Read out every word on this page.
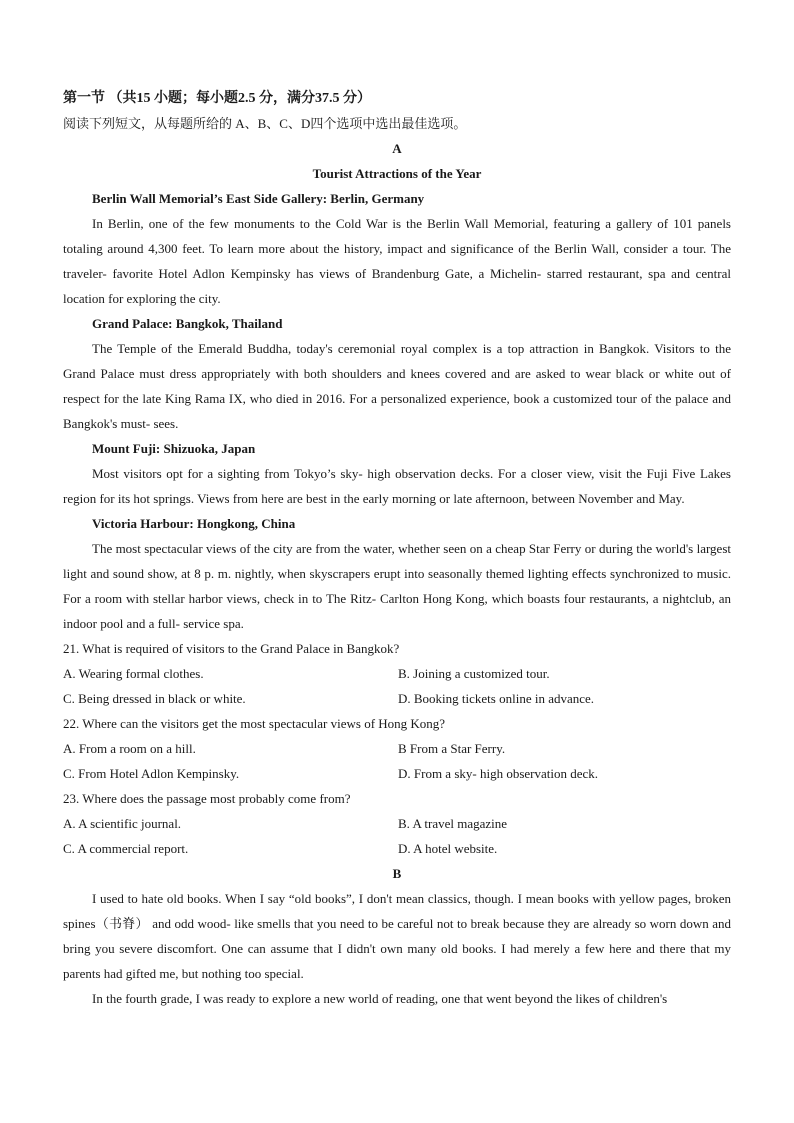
第一节 （共15 小题；每小题2.5 分，满分37.5 分）
阅读下列短文，从每题所给的 A、B、C、D四个选项中选出最佳选项。
A
Tourist Attractions of the Year
Berlin Wall Memorial’s East Side Gallery: Berlin, Germany

In Berlin, one of the few monuments to the Cold War is the Berlin Wall Memorial, featuring a gallery of 101 panels totaling around 4,300 feet. To learn more about the history, impact and significance of the Berlin Wall, consider a tour. The traveler- favorite Hotel Adlon Kempinsky has views of Brandenburg Gate, a Michelin- starred restaurant, spa and central location for exploring the city.

Grand Palace: Bangkok, Thailand

The Temple of the Emerald Buddha, today's ceremonial royal complex is a top attraction in Bangkok. Visitors to the Grand Palace must dress appropriately with both shoulders and knees covered and are asked to wear black or white out of respect for the late King Rama IX, who died in 2016. For a personalized experience, book a customized tour of the palace and Bangkok's must- sees.

Mount Fuji: Shizuoka, Japan

Most visitors opt for a sighting from Tokyo’s sky- high observation decks. For a closer view, visit the Fuji Five Lakes region for its hot springs. Views from here are best in the early morning or late afternoon, between November and May.

Victoria Harbour: Hongkong, China

The most spectacular views of the city are from the water, whether seen on a cheap Star Ferry or during the world's largest light and sound show, at 8 p. m. nightly, when skyscrapers erupt into seasonally themed lighting effects synchronized to music. For a room with stellar harbor views, check in to The Ritz- Carlton Hong Kong, which boasts four restaurants, a nightclub, an indoor pool and a full- service spa.

21. What is required of visitors to the Grand Palace in Bangkok?
A. Wearing formal clothes.	B. Joining a customized tour.
C. Being dressed in black or white.	D. Booking tickets online in advance.
22. Where can the visitors get the most spectacular views of Hong Kong?
A. From a room on a hill.	B From a Star Ferry.
C. From Hotel Adlon Kempinsky.	D. From a sky- high observation deck.
23. Where does the passage most probably come from?
A. A scientific journal.	B. A travel magazine
C. A commercial report.	D. A hotel website.
B

I used to hate old books. When I say “old books”, I don't mean classics, though. I mean books with yellow pages, broken spines（书脊） and odd wood- like smells that you need to be careful not to break because they are already so worn down and bring you severe discomfort. One can assume that I didn't own many old books. I had merely a few here and there that my parents had gifted me, but nothing too special.

In the fourth grade, I was ready to explore a new world of reading, one that went beyond the likes of children's
